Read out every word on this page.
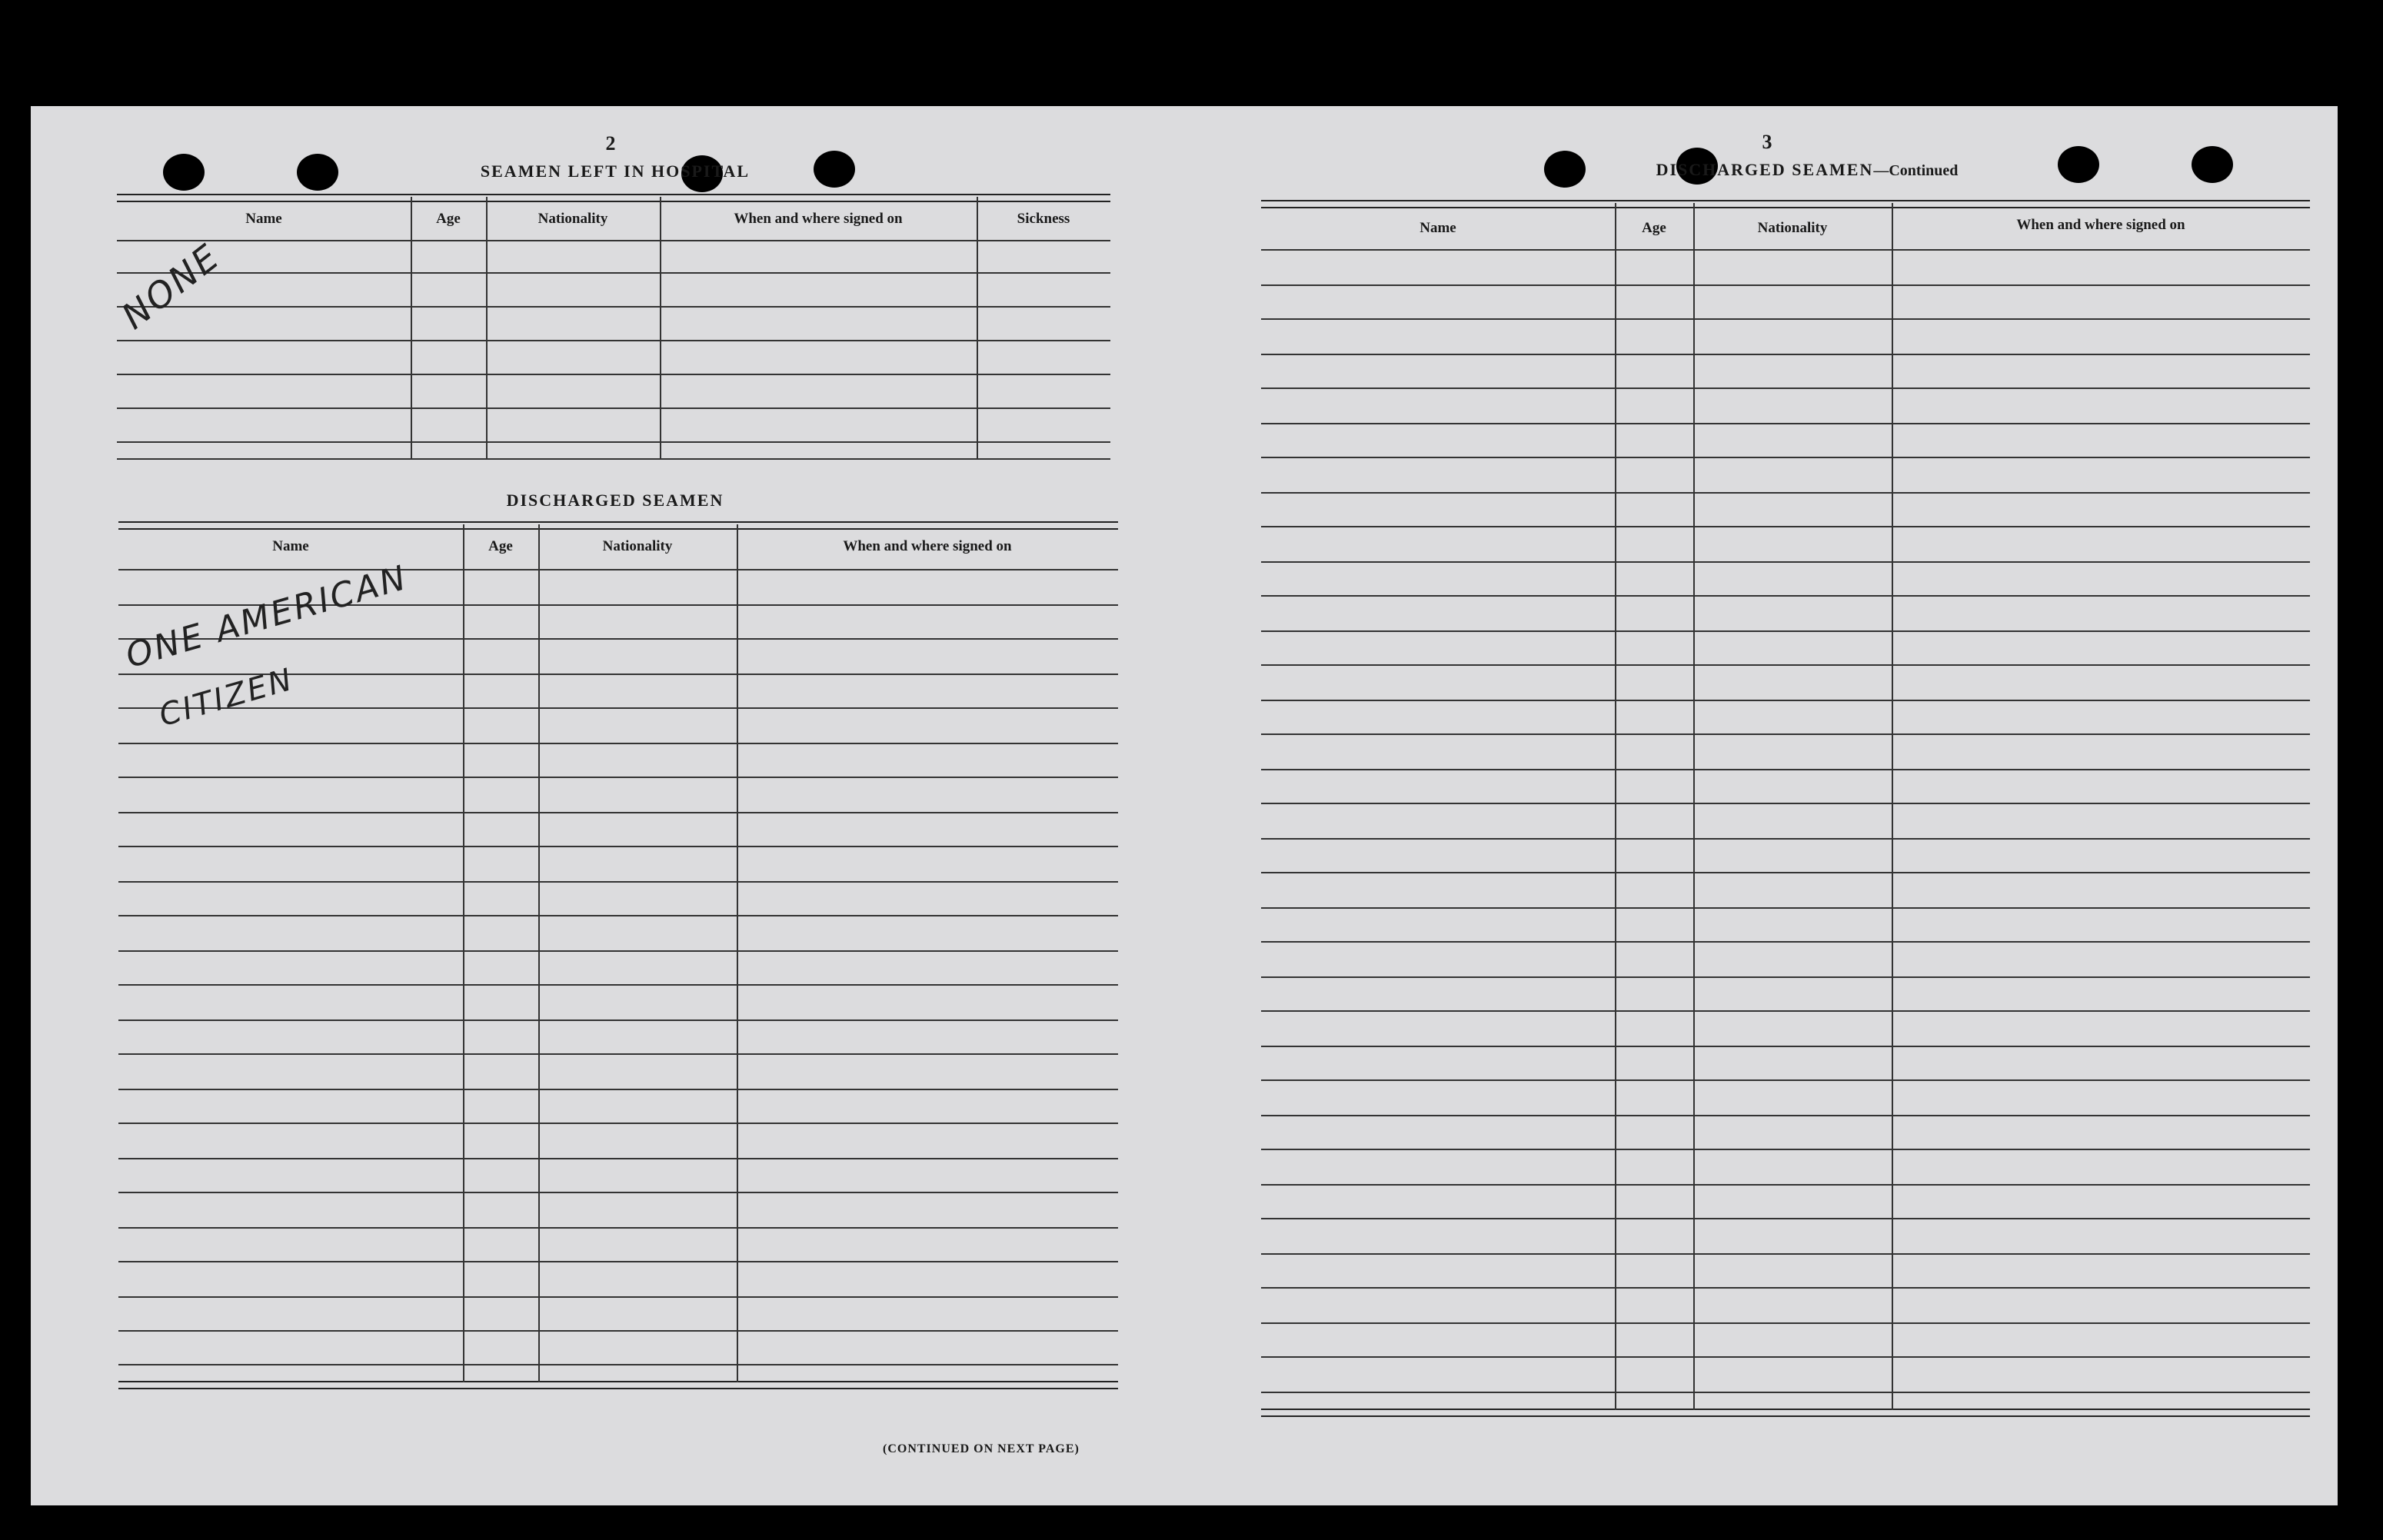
2
SEAMEN LEFT IN HOSPITAL
Name	Age	Nationality	When and where signed on	Sickness
NONE
DISCHARGED SEAMEN
Name	Age	Nationality	When and where signed on
ONE AMERICAN
CITIZEN
(CONTINUED ON NEXT PAGE)
3
DISCHARGED SEAMEN—Continued
Name	Age	Nationality	When and where signed on
